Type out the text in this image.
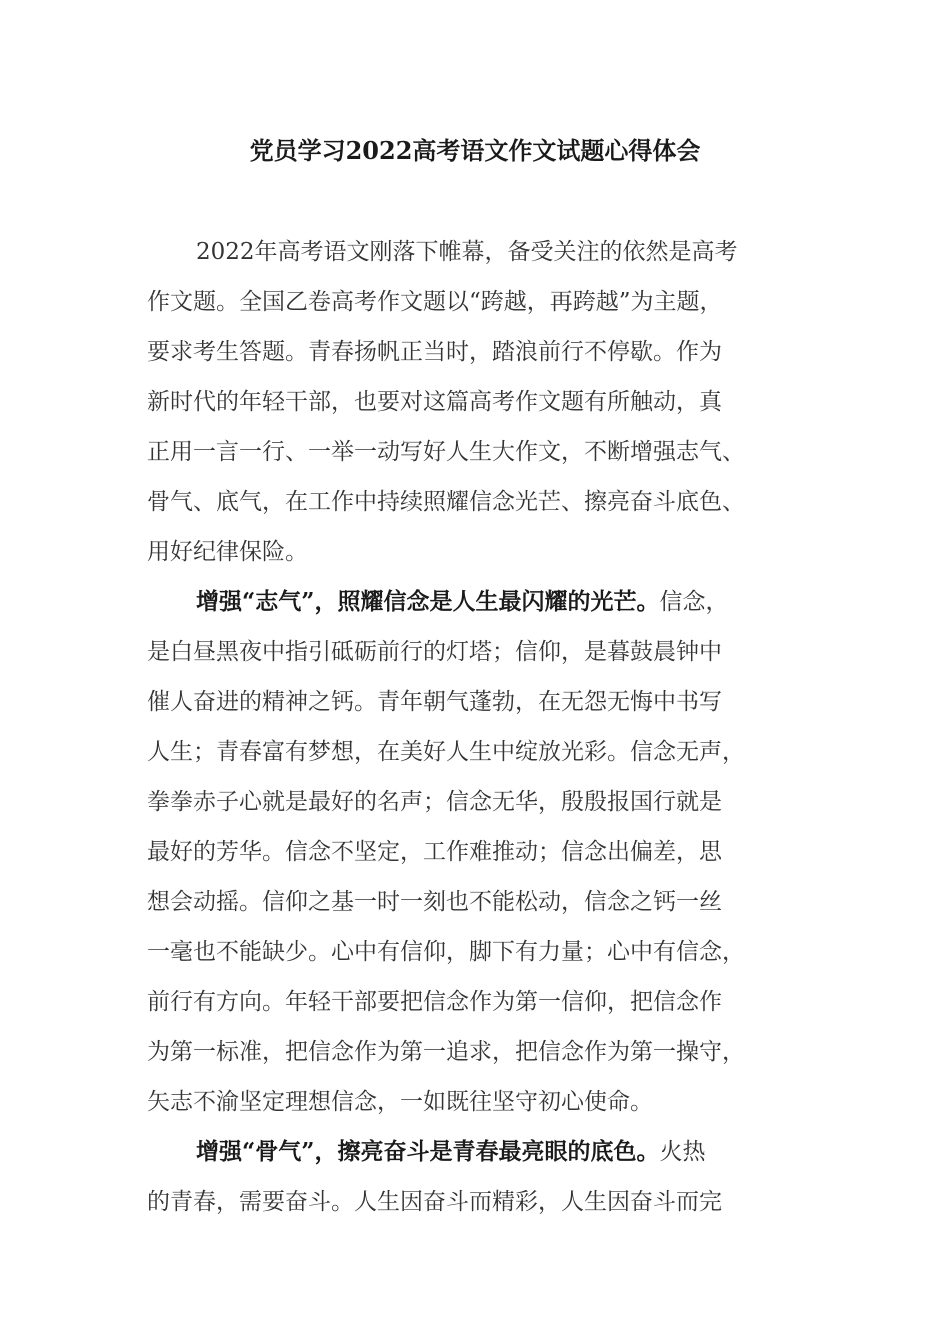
党员学习2022高考语文作文试题心得体会
2022年高考语文刚落下帷幕，备受关注的依然是高考
作文题。全国乙卷高考作文题以“跨越，再跨越”为主题，
要求考生答题。青春扬帆正当时，踏浪前行不停歇。作为
新时代的年轻干部，也要对这篇高考作文题有所触动，真
正用一言一行、一举一动写好人生大作文，不断增强志气、
骨气、底气，在工作中持续照耀信念光芒、擦亮奋斗底色、
用好纪律保险。
增强“志气”，照耀信念是人生最闪耀的光芒。信念，
是白昼黑夜中指引砥砺前行的灯塔；信仰，是暮鼓晨钟中
催人奋进的精神之钙。青年朝气蓬勃，在无怨无悔中书写
人生；青春富有梦想，在美好人生中绽放光彩。信念无声，
拳拳赤子心就是最好的名声；信念无华，殷殷报国行就是
最好的芳华。信念不坚定，工作难推动；信念出偏差，思
想会动摇。信仰之基一时一刻也不能松动，信念之钙一丝
一毫也不能缺少。心中有信仰，脚下有力量；心中有信念，
前行有方向。年轻干部要把信念作为第一信仰，把信念作
为第一标准，把信念作为第一追求，把信念作为第一操守，
矢志不渝坚定理想信念，一如既往坚守初心使命。
增强“骨气”，擦亮奋斗是青春最亮眼的底色。火热
的青春，需要奋斗。人生因奋斗而精彩，人生因奋斗而完
